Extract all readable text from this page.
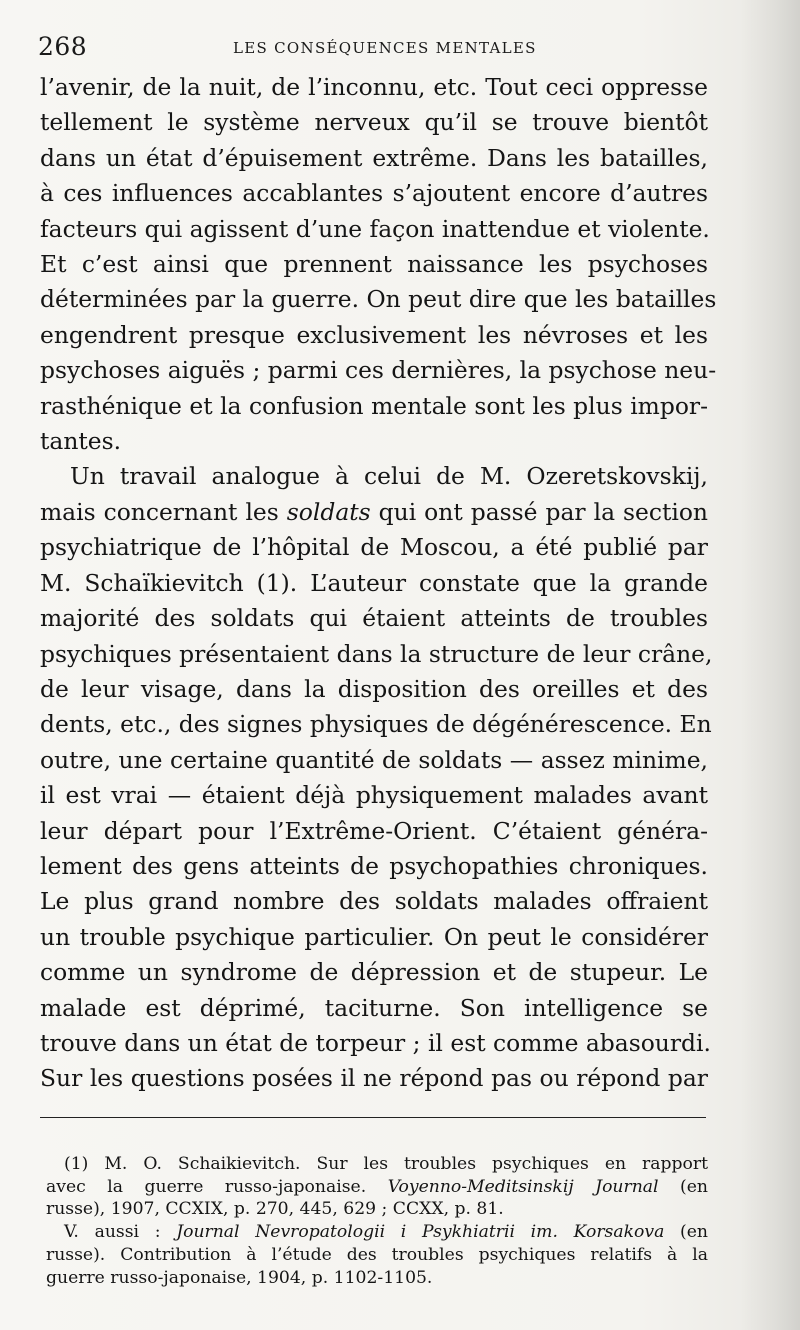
268	LES CONSÉQUENCES MENTALES
l’avenir, de la nuit, de l’inconnu, etc. Tout ceci oppresse
tellement le système nerveux qu’il se trouve bientôt
dans un état d’épuisement extrême. Dans les batailles,
à ces influences accablantes s’ajoutent encore d’autres
facteurs qui agissent d’une façon inattendue et violente.
Et c’est ainsi que prennent naissance les psychoses
déterminées par la guerre. On peut dire que les batailles
engendrent presque exclusivement les névroses et les
psychoses aiguës ; parmi ces dernières, la psychose neu-
rasthénique et la confusion mentale sont les plus impor-
tantes.
Un travail analogue à celui de M. Ozeretskovskij,
mais concernant les soldats qui ont passé par la section
psychiatrique de l’hôpital de Moscou, a été publié par
M. Schaïkievitch (1). L’auteur constate que la grande
majorité des soldats qui étaient atteints de troubles
psychiques présentaient dans la structure de leur crâne,
de leur visage, dans la disposition des oreilles et des
dents, etc., des signes physiques de dégénérescence. En
outre, une certaine quantité de soldats — assez minime,
il est vrai — étaient déjà physiquement malades avant
leur départ pour l’Extrême-Orient. C’étaient généra-
lement des gens atteints de psychopathies chroniques.
Le plus grand nombre des soldats malades offraient
un trouble psychique particulier. On peut le considérer
comme un syndrome de dépression et de stupeur. Le
malade est déprimé, taciturne. Son intelligence se
trouve dans un état de torpeur ; il est comme abasourdi.
Sur les questions posées il ne répond pas ou répond par
(1) M. O. Schaikievitch. Sur les troubles psychiques en rapport
avec la guerre russo-japonaise. Voyenno-Meditsinskij Journal (en
russe), 1907, CCXIX, p. 270, 445, 629 ; CCXX, p. 81.
V. aussi : Journal Nevropatologii i Psykhiatrii im. Korsakova (en
russe). Contribution à l’étude des troubles psychiques relatifs à la
guerre russo-japonaise, 1904, p. 1102-1105.
